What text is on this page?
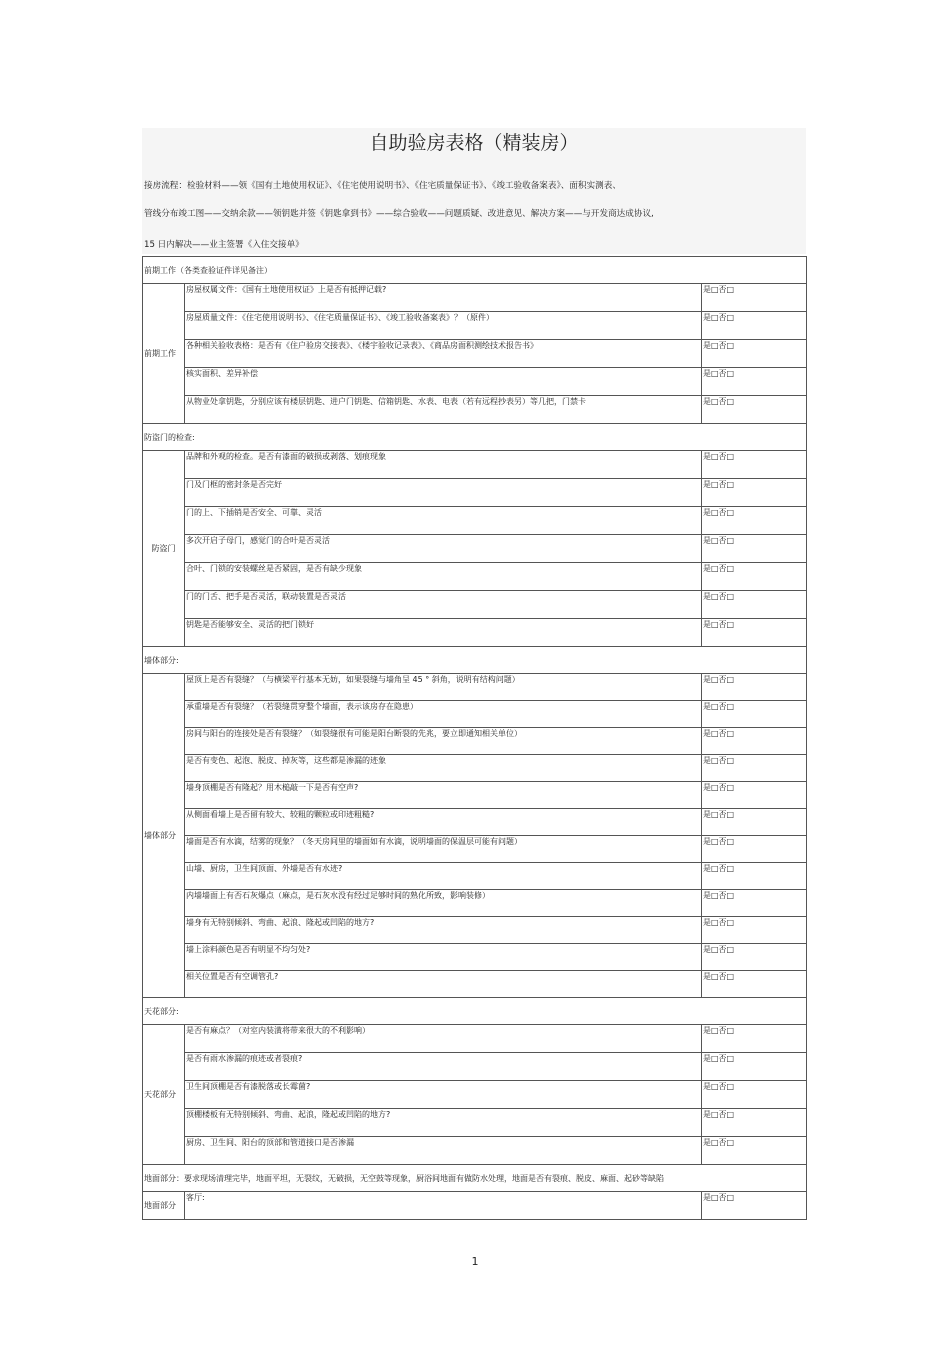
自助验房表格（精装房）
接房流程：检验材料——领《国有土地使用权证》、《住宅使用说明书》、《住宅质量保证书》、《竣工验收备案表》、面积实测表、
管线分布竣工图——交纳余款——领钥匙并签《钥匙拿到书》——综合验收——问题质疑、改进意见、解决方案——与开发商达成协议,
15 日内解决——业主签署《入住交接单》
前期工作（各类查验证件详见备注）		
前期工作	房屋权属文件：《国有土地使用权证》上是否有抵押记载?	是□否□
	房屋质量文件：《住宅使用说明书》、《住宅质量保证书》、《竣工验收备案表》？（原件）	是□否□
	各种相关验收表格：是否有《住户验房交接表》、《楼宇验收记录表》、《商品房面积测绘技术报告书》	是□否□
	核实面积、差异补偿	是□否□
	从物业处拿钥匙，分别应该有楼层钥匙、进户门钥匙、信箱钥匙、水表、电表（若有远程抄表另）等几把，门禁卡	是□否□
防盗门的检查:		
防盗门	品牌和外观的检查。是否有漆面的破损或剥落、划痕现象	是□否□
	门及门框的密封条是否完好	是□否□
	门的上、下插销是否安全、可靠、灵活	是□否□
	多次开启子母门，感觉门的合叶是否灵活	是□否□
	合叶、门锁的安装螺丝是否紧固，是否有缺少现象	是□否□
	门的门舌、把手是否灵活，联动装置是否灵活	是□否□
	钥匙是否能够安全、灵活的把门锁好	是□否□
墙体部分:		
墙体部分	屋顶上是否有裂缝？（与横梁平行基本无妨，如果裂缝与墙角呈 45 ° 斜角，说明有结构问题）	是□否□
	承重墙是否有裂缝？（若裂缝贯穿整个墙面，表示该房存在隐患）	是□否□
	房间与阳台的连接处是否有裂缝？（如裂缝很有可能是阳台断裂的先兆，要立即通知相关单位）	是□否□
	是否有变色、起泡、脱皮、掉灰等，这些都是渗漏的迹象	是□否□
	墙身顶棚是否有隆起？用木槌敲一下是否有空声?	是□否□
	从侧面看墙上是否留有较大、较粗的颗粒或印迹粗糙?	是□否□
	墙面是否有水滴，结雾的现象？（冬天房间里的墙面如有水滴，说明墙面的保温层可能有问题）	是□否□
	山墙、厨房，卫生间顶面、外墙是否有水迹?	是□否□
	内墙墙面上有否石灰爆点（麻点，是石灰水没有经过足够时间的熟化所致，影响装修）	是□否□
	墙身有无特别倾斜、弯曲、起浪、隆起或凹陷的地方?	是□否□
	墙上涂料颜色是否有明显不均匀处?	是□否□
	相关位置是否有空调管孔?	是□否□
天花部分:		
天花部分	是否有麻点？（对室内装潢将带来很大的不利影响）	是□否□
	是否有雨水渗漏的痕迹或者裂痕?	是□否□
	卫生间顶棚是否有漆脱落或长霉菌?	是□否□
	顶棚楼板有无特别倾斜、弯曲、起浪，隆起或凹陷的地方?	是□否□
	厨房、卫生间、阳台的顶部和管道接口是否渗漏	是□否□
地面部分：要求现场清理完毕，地面平坦，无裂纹，无破损，无空鼓等现象，厨浴间地面有做防水处理，地面是否有裂痕、脱皮、麻面、起砂等缺陷		
地面部分	客厅:	是□否□
1
